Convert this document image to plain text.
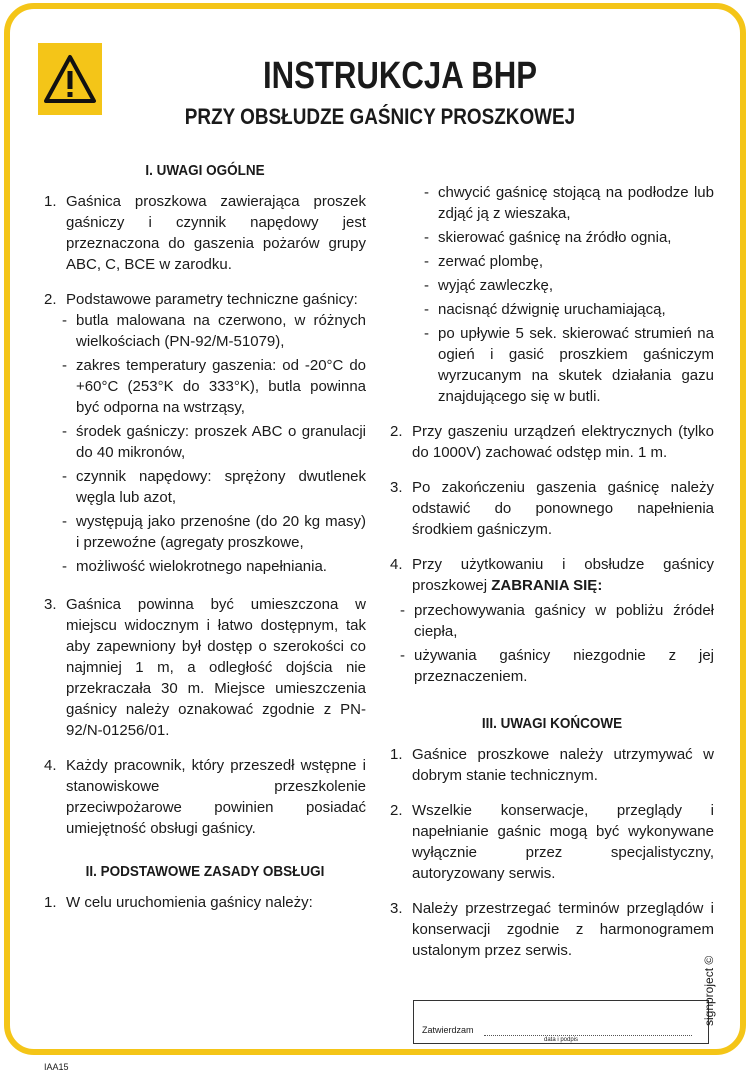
INSTRUKCJA BHP
PRZY OBSŁUDZE GAŚNICY PROSZKOWEJ
I. UWAGI OGÓLNE
1. Gaśnica proszkowa zawierająca proszek gaśniczy i czynnik napędowy jest przeznaczona do gaszenia pożarów grupy ABC, C, BCE w zarodku.
2. Podstawowe parametry techniczne gaśnicy:
- butla malowana na czerwono, w różnych wielkościach (PN-92/M-51079),
- zakres temperatury gaszenia: od -20°C do +60°C (253°K do 333°K), butla powinna być odporna na wstrząsy,
- środek gaśniczy: proszek ABC o granulacji do 40 mikronów,
- czynnik napędowy: sprężony dwutlenek węgla lub azot,
- występują jako przenośne (do 20 kg masy) i przewoźne (agregaty proszkowe,
- możliwość wielokrotnego napełniania.
3. Gaśnica powinna być umieszczona w miejscu widocznym i łatwo dostępnym, tak aby zapewniony był dostęp o szerokości co najmniej 1 m, a odległość dojścia nie przekraczała 30 m. Miejsce umieszczenia gaśnicy należy oznakować zgodnie z PN-92/N-01256/01.
4. Każdy pracownik, który przeszedł wstępne i stanowiskowe przeszkolenie przeciwpożarowe powinien posiadać umiejętność obsługi gaśnicy.
II. PODSTAWOWE ZASADY OBSŁUGI
1. W celu uruchomienia gaśnicy należy:
- chwycić gaśnicę stojącą na podłodze lub zdjąć ją z wieszaka,
- skierować gaśnicę na źródło ognia,
- zerwać plombę,
- wyjąć zawleczkę,
- nacisnąć dźwignię uruchamiającą,
- po upływie 5 sek. skierować strumień na ogień i gasić proszkiem gaśniczym wyrzucanym na skutek działania gazu znajdującego się w butli.
2. Przy gaszeniu urządzeń elektrycznych (tylko do 1000V) zachować odstęp min. 1 m.
3. Po zakończeniu gaszenia gaśnicę należy odstawić do ponownego napełnienia środkiem gaśniczym.
4. Przy użytkowaniu i obsłudze gaśnicy proszkowej ZABRANIA SIĘ:
- przechowywania gaśnicy w pobliżu źródeł ciepła,
- używania gaśnicy niezgodnie z jej przeznaczeniem.
III. UWAGI KOŃCOWE
1. Gaśnice proszkowe należy utrzymywać w dobrym stanie technicznym.
2. Wszelkie konserwacje, przeglądy i napełnianie gaśnic mogą być wykonywane wyłącznie przez specjalistyczny, autoryzowany serwis.
3. Należy przestrzegać terminów przeglądów i konserwacji zgodnie z harmonogramem ustalonym przez serwis.
Zatwierdzam
data i podpis
signproject ©
IAA15
